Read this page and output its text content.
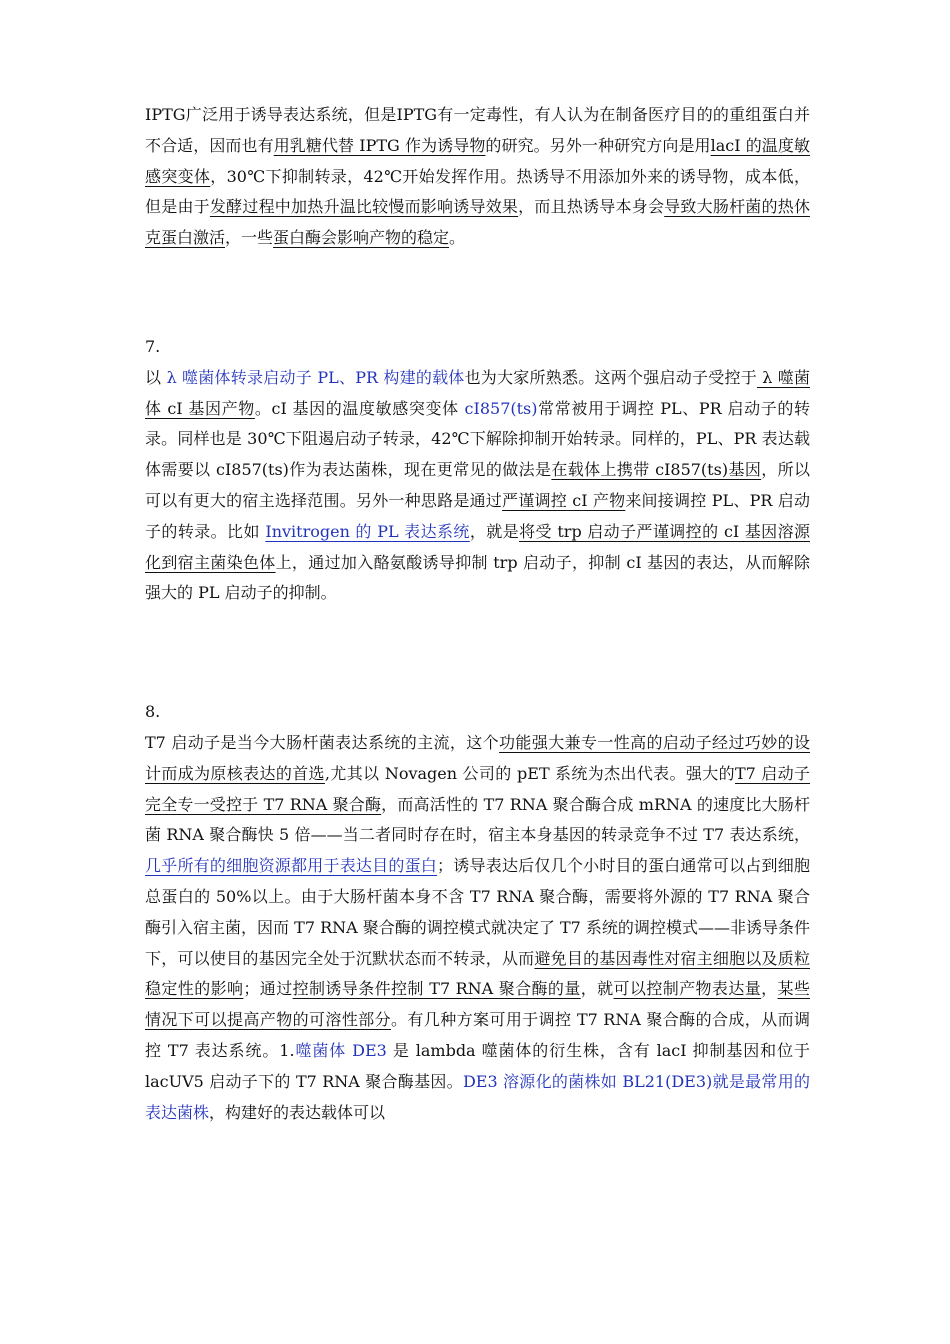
IPTG广泛用于诱导表达系统，但是IPTG有一定毒性，有人认为在制备医疗目的的重组蛋白并不合适，因而也有用乳糖代替 IPTG 作为诱导物的研究。另外一种研究方向是用lacI 的温度敏感突变体，30℃下抑制转录，42℃开始发挥作用。热诱导不用添加外来的诱导物，成本低，但是由于发酵过程中加热升温比较慢而影响诱导效果，而且热诱导本身会导致大肠杆菌的热休克蛋白激活，一些蛋白酶会影响产物的稳定。

7.

以 λ 噬菌体转录启动子 PL、PR 构建的载体也为大家所熟悉。这两个强启动子受控于 λ 噬菌体 cI 基因产物。cI 基因的温度敏感突变体 cI857(ts)常常被用于调控 PL、PR 启动子的转录。同样也是 30℃下阻遏启动子转录，42℃下解除抑制开始转录。同样的，PL、PR 表达载体需要以 cI857(ts)作为表达菌株，现在更常见的做法是在载体上携带 cI857(ts)基因，所以可以有更大的宿主选择范围。另外一种思路是通过严谨调控 cI 产物来间接调控 PL、PR 启动子的转录。比如 Invitrogen 的 PL 表达系统，就是将受 trp 启动子严谨调控的 cI 基因溶源化到宿主菌染色体上，通过加入酪氨酸诱导抑制 trp 启动子，抑制 cI 基因的表达，从而解除强大的 PL 启动子的抑制。

8.

T7 启动子是当今大肠杆菌表达系统的主流，这个功能强大兼专一性高的启动子经过巧妙的设计而成为原核表达的首选,尤其以 Novagen 公司的 pET 系统为杰出代表。强大的T7 启动子完全专一受控于 T7 RNA 聚合酶，而高活性的 T7 RNA 聚合酶合成 mRNA 的速度比大肠杆菌 RNA 聚合酶快 5 倍——当二者同时存在时，宿主本身基因的转录竞争不过 T7 表达系统，几乎所有的细胞资源都用于表达目的蛋白；诱导表达后仅几个小时目的蛋白通常可以占到细胞总蛋白的 50%以上。由于大肠杆菌本身不含 T7 RNA 聚合酶，需要将外源的 T7 RNA 聚合酶引入宿主菌，因而 T7 RNA 聚合酶的调控模式就决定了 T7 系统的调控模式——非诱导条件下，可以使目的基因完全处于沉默状态而不转录，从而避免目的基因毒性对宿主细胞以及质粒稳定性的影响；通过控制诱导条件控制 T7 RNA 聚合酶的量，就可以控制产物表达量，某些情况下可以提高产物的可溶性部分。有几种方案可用于调控 T7 RNA 聚合酶的合成，从而调控 T7 表达系统。1.噬菌体 DE3 是 lambda 噬菌体的衍生株，含有 lacI 抑制基因和位于 lacUV5 启动子下的 T7 RNA 聚合酶基因。DE3 溶源化的菌株如 BL21(DE3)就是最常用的表达菌株，构建好的表达载体可以
